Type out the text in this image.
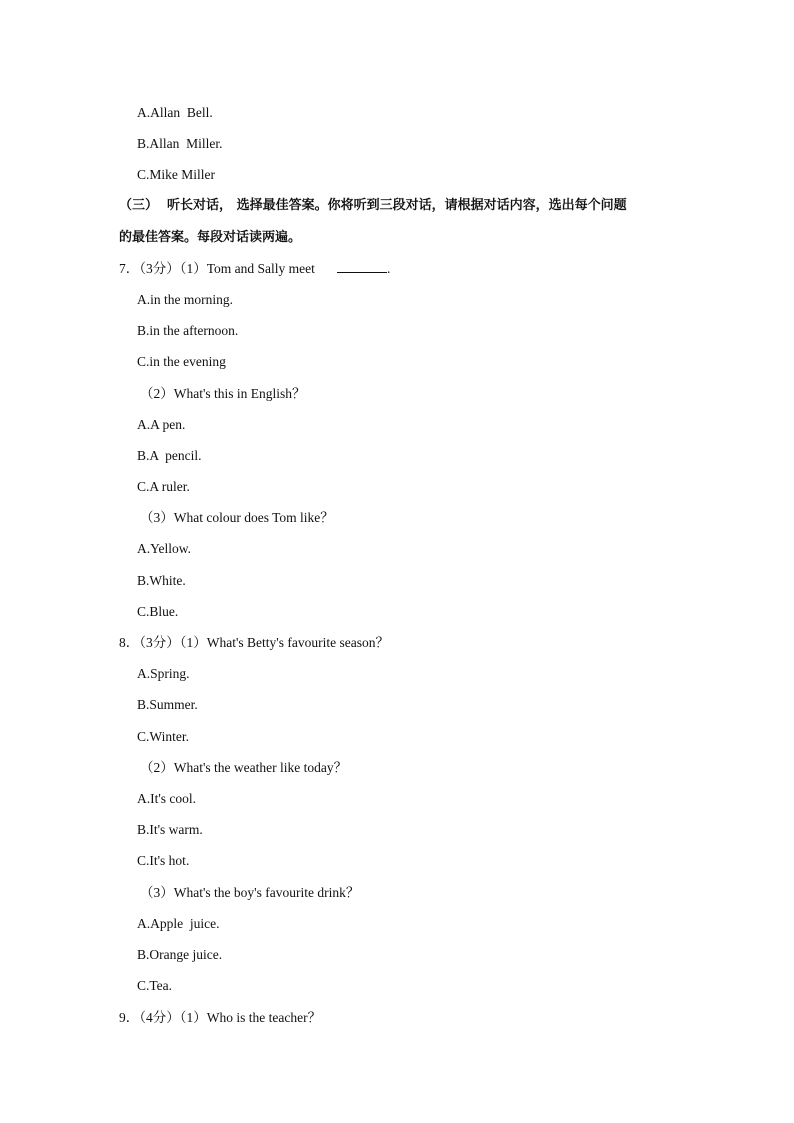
A.Allan  Bell.
B.Allan  Miller.
C.Mike Miller
（三）  听长对话， 选择最佳答案。你将听到三段对话，请根据对话内容，选出每个问题
的最佳答案。每段对话读两遍。
7．（3分）（1）Tom and Sally meet	.
A.in the morning.
B.in the afternoon.
C.in the evening
（2）What's this in English？
A.A pen.
B.A  pencil.
C.A ruler.
（3）What colour does Tom like？
A.Yellow.
B.White.
C.Blue.
8．（3分）（1）What's Betty's favourite season？
A.Spring.
B.Summer.
C.Winter.
（2）What's the weather like today？
A.It's cool.
B.It's warm.
C.It's hot.
（3）What's the boy's favourite drink？
A.Apple  juice.
B.Orange juice.
C.Tea.
9．（4分）（1）Who is the teacher？
